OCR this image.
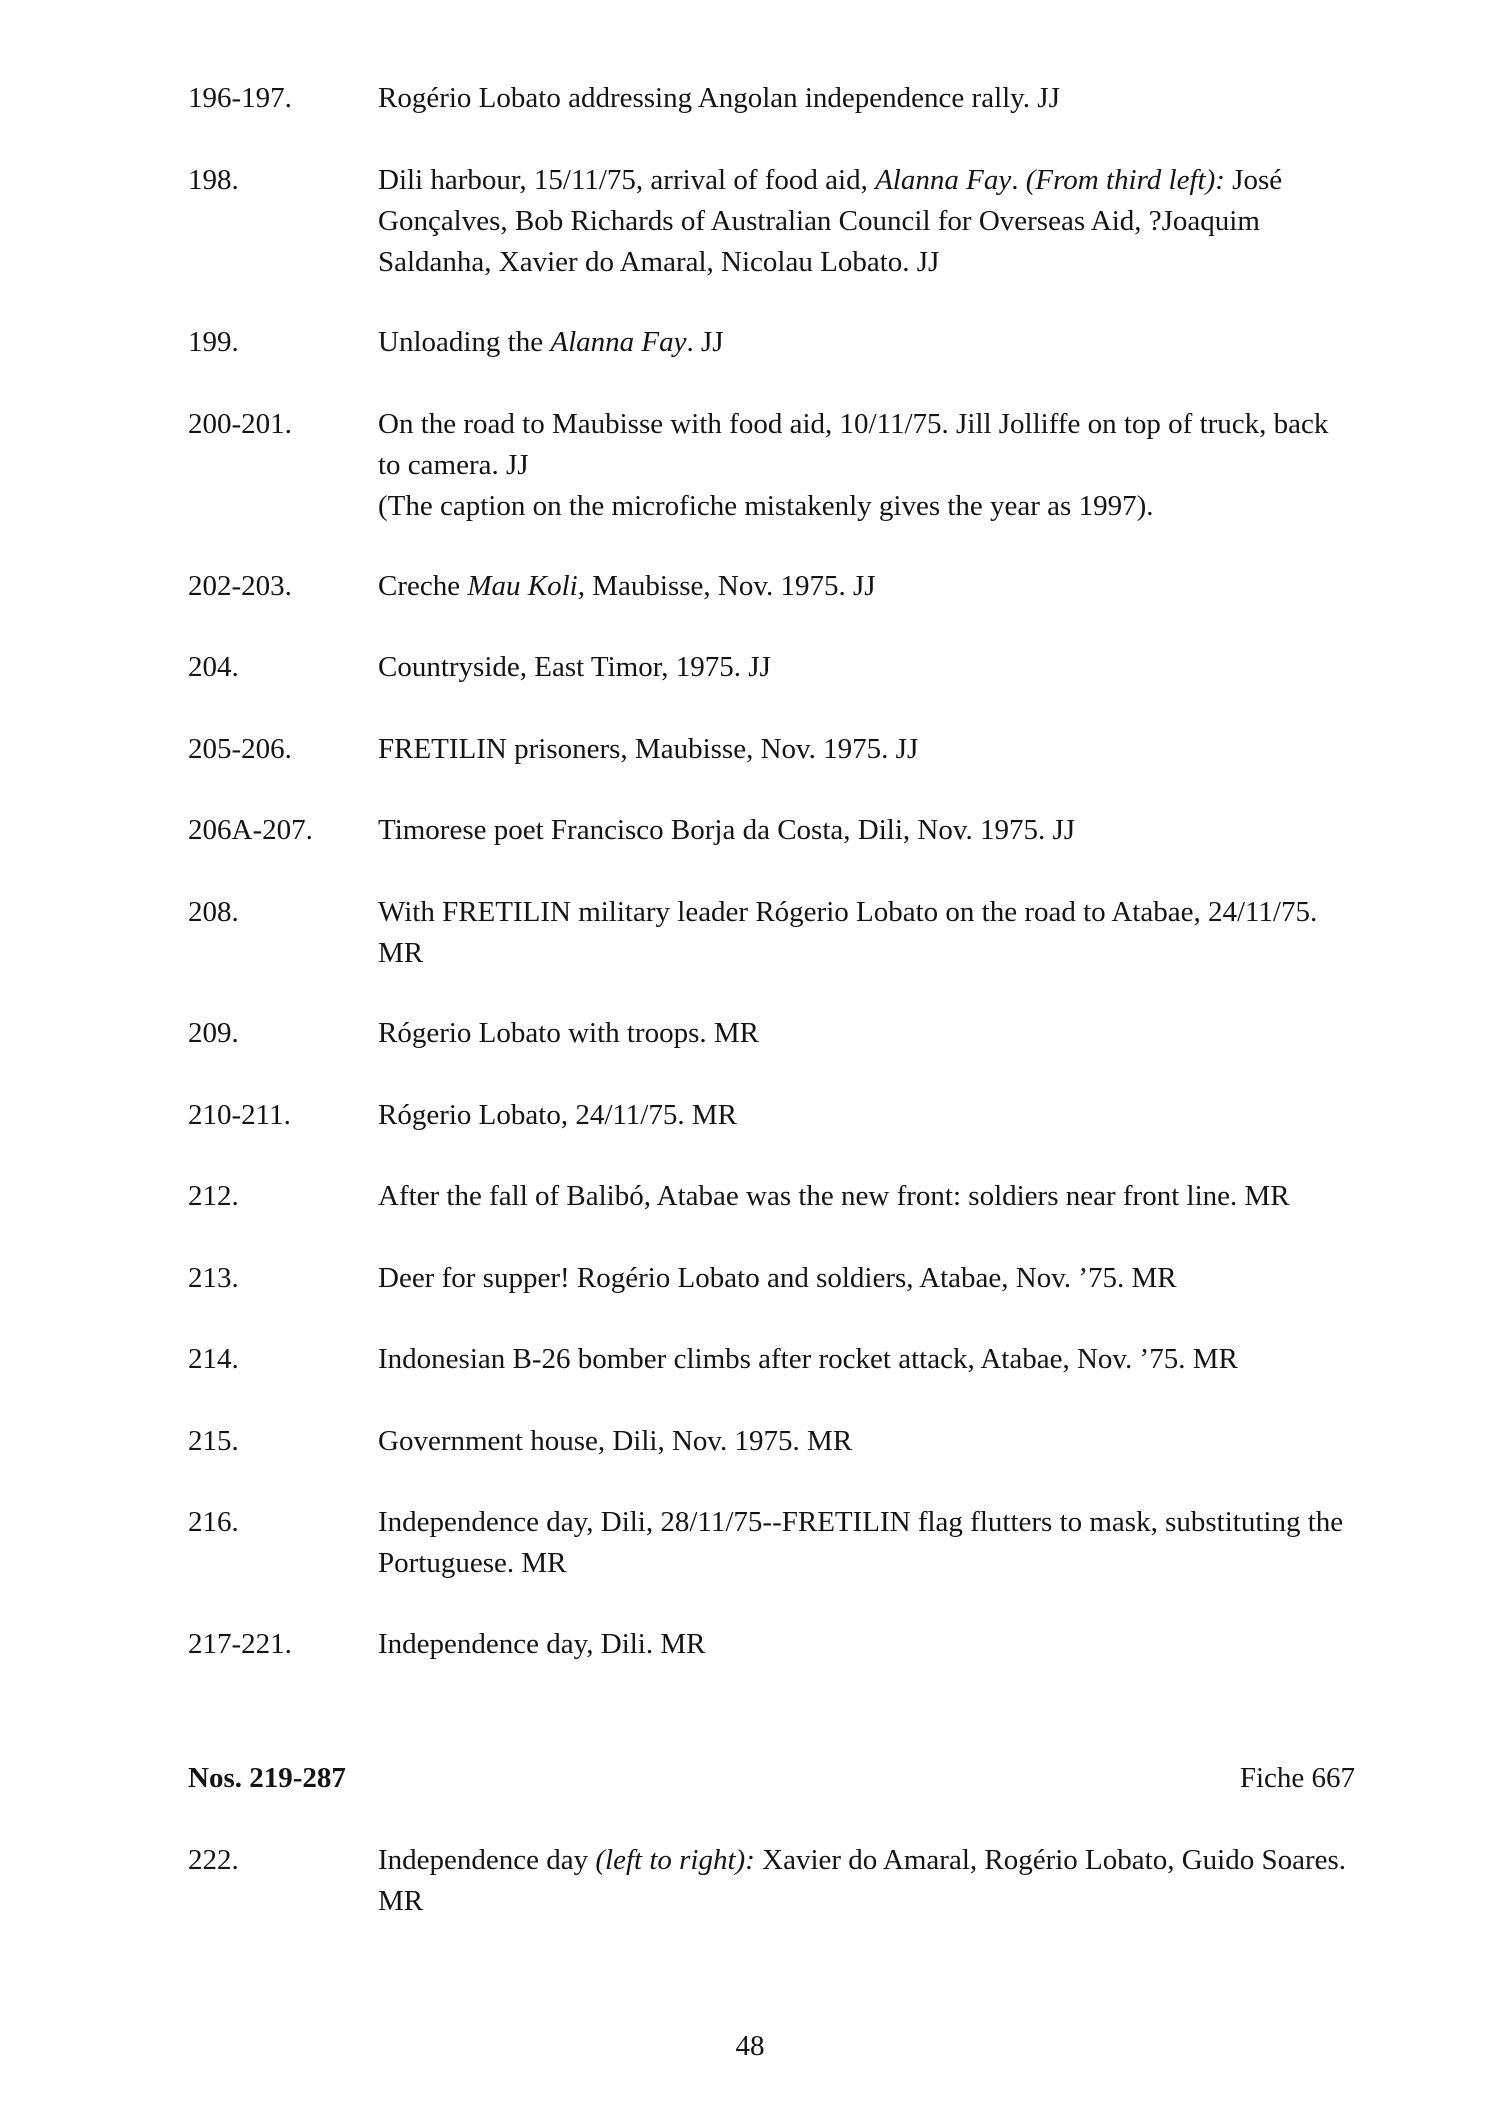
196-197.	Rogério Lobato addressing Angolan independence rally. JJ

198.	Dili harbour, 15/11/75, arrival of food aid, Alanna Fay. (From third left): José Gonçalves, Bob Richards of Australian Council for Overseas Aid, ?Joaquim Saldanha, Xavier do Amaral, Nicolau Lobato. JJ

199.	Unloading the Alanna Fay. JJ

200-201.	On the road to Maubisse with food aid, 10/11/75. Jill Jolliffe on top of truck, back to camera. JJ

(The caption on the microfiche mistakenly gives the year as 1997).

202-203.	Creche Mau Koli, Maubisse, Nov. 1975. JJ

204.	Countryside, East Timor, 1975. JJ

205-206.	FRETILIN prisoners, Maubisse, Nov. 1975. JJ

206A-207. Timorese poet Francisco Borja da Costa, Dili, Nov. 1975. JJ

208.	With FRETILIN military leader Rógerio Lobato on the road to Atabae, 24/11/75. MR

209.	Rógerio Lobato with troops. MR

210-211.	Rógerio Lobato, 24/11/75. MR

212.	After the fall of Balibó, Atabae was the new front: soldiers near front line. MR

213.	Deer for supper! Rogério Lobato and soldiers, Atabae, Nov. ’75. MR

214.	Indonesian B-26 bomber climbs after rocket attack, Atabae, Nov. ’75. MR

215.	Government house, Dili, Nov. 1975. MR

216.	Independence day, Dili, 28/11/75--FRETILIN flag flutters to mask, substituting the Portuguese. MR

217-221.	Independence day, Dili. MR

Nos. 219-287	Fiche 667
222.	Independence day (left to right): Xavier do Amaral, Rogério Lobato, Guido Soares. MR

48
